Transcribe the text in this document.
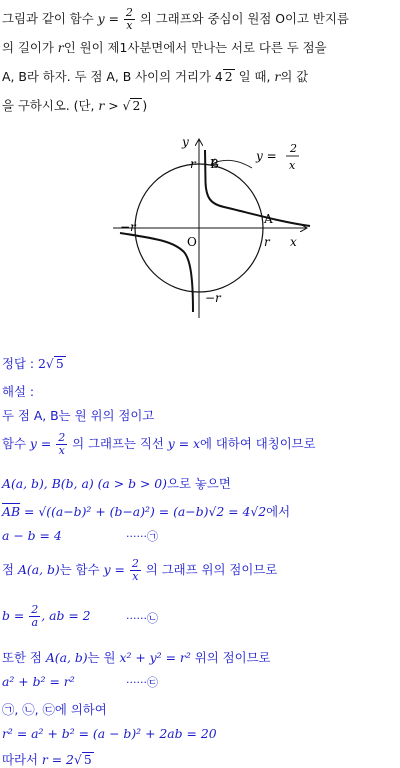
그림과 같이 함수 $y = \frac{2}{x}$ 의 그래프와 중심이 원점 O이고 반지름
의 길이가 r인 원이 제1사분면에서 만나는 서로 다른 두 점을
A, B라 하자. 두 점 A, B 사이의 거리가 4 2 일 때, r의 값
을 구하시오. (단, r > √ 2 )
y
x
O
r B
A
r
−r
−r
y =
2
x
정답 : 2√ 5
해설 :
두 점 A, B는 원 위의 점이고
함수 $y = \frac{2}{x}$ 의 그래프는 직선 y = x에 대하여 대칭이므로
A(a, b), B(b, a) (a > b > 0)으로 놓으면
$\overline{AB} = √((a-b)^2 + (b-a)^2) = (a-b)√2 = 4√2$에서
a − b = 4	······㉠
점 A(a, b)는 함수 $y = \frac{2}{x}$ 의 그래프 위의 점이므로
$b = \frac{2}{a}$ , ab = 2	······㉡
또한 점 A(a, b)는 원 x² + y² = r² 위의 점이므로
a² + b² = r²	······㉢
㉠, ㉡, ㉢에 의하여
r² = a² + b² = (a − b)² + 2ab = 20
따라서 r = 2√ 5
